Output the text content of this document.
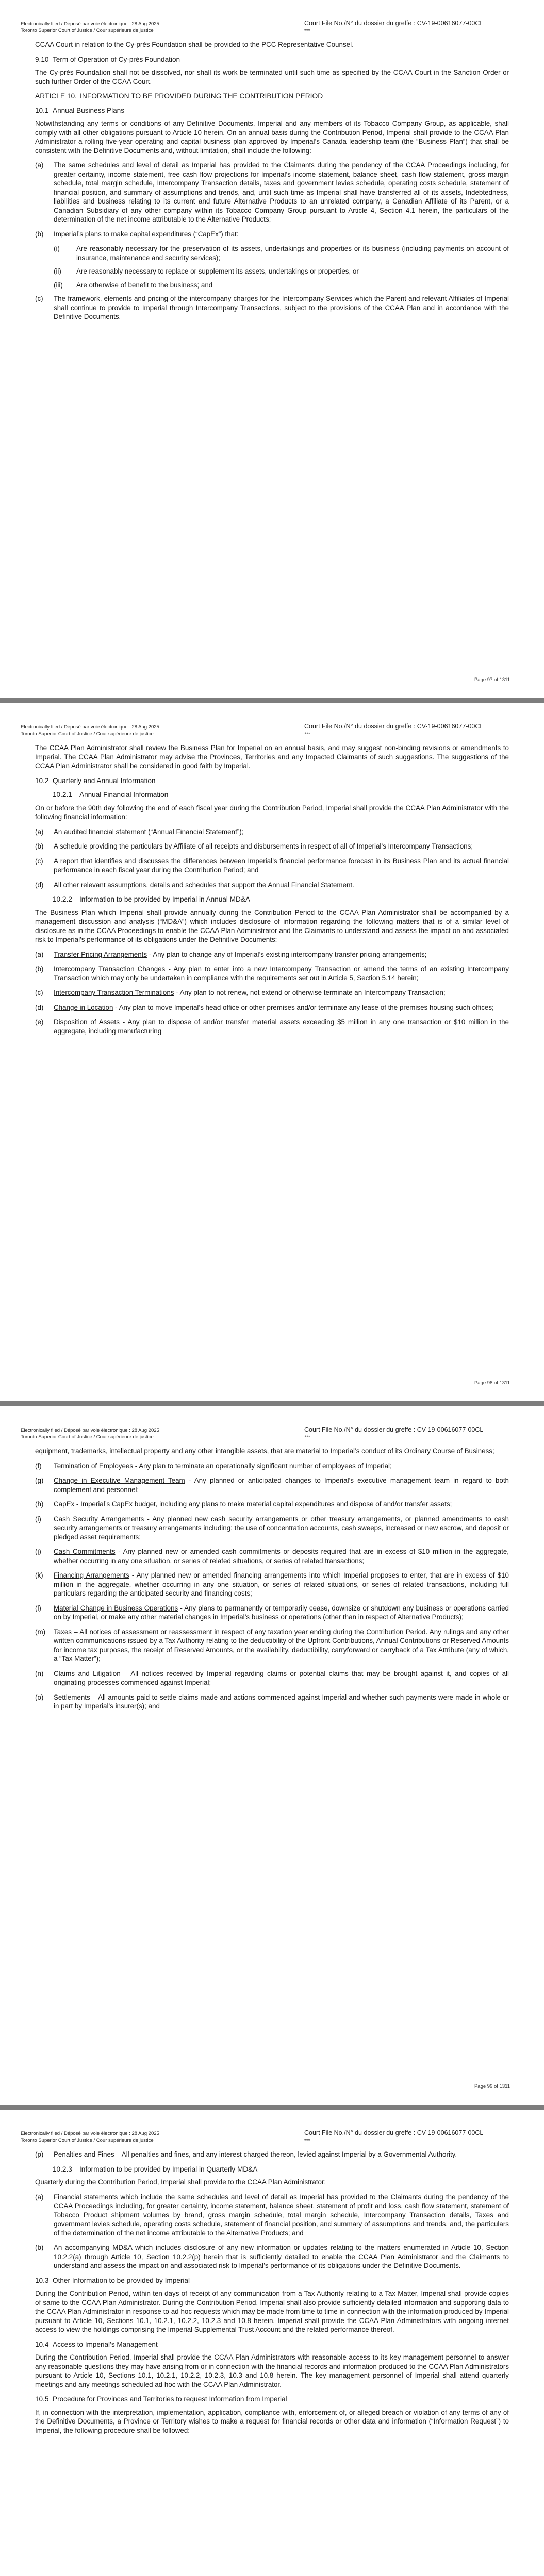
Electronically filed / Déposé par voie électronique : 28 Aug 2025
Toronto Superior Court of Justice / Cour supérieure de justice
Court File No./N° du dossier du greffe : CV-19-00616077-00CL
***

CCAA Court in relation to the Cy-près Foundation shall be provided to the PCC Representative Counsel.

9.10 Term of Operation of Cy-près Foundation

The Cy-près Foundation shall not be dissolved, nor shall its work be terminated until such time as specified by the CCAA Court in the Sanction Order or such further Order of the CCAA Court.

ARTICLE 10. INFORMATION TO BE PROVIDED DURING THE CONTRIBUTION PERIOD
10.1 Annual Business Plans

Notwithstanding any terms or conditions of any Definitive Documents, Imperial and any members of its Tobacco Company Group, as applicable, shall comply with all other obligations pursuant to Article 10 herein. On an annual basis during the Contribution Period, Imperial shall provide to the CCAA Plan Administrator a rolling five-year operating and capital business plan approved by Imperial’s Canada leadership team (the “Business Plan”) that shall be consistent with the Definitive Documents and, without limitation, shall include the following:

(a)	The same schedules and level of detail as Imperial has provided to the Claimants during the pendency of the CCAA Proceedings including, for greater certainty, income statement, free cash flow projections for Imperial’s income statement, balance sheet, cash flow statement, gross margin schedule, total margin schedule, Intercompany Transaction details, taxes and government levies schedule, operating costs schedule, statement of financial position, and summary of assumptions and trends, and, until such time as Imperial shall have transferred all of its assets, Indebtedness, liabilities and business relating to its current and future Alternative Products to an unrelated company, a Canadian Affiliate of its Parent, or a Canadian Subsidiary of any other company within its Tobacco Company Group pursuant to Article 4, Section 4.1 herein, the particulars of the determination of the net income attributable to the Alternative Products;
(b)	Imperial’s plans to make capital expenditures (“CapEx”) that:
(i)	Are reasonably necessary for the preservation of its assets, undertakings and properties or its business (including payments on account of insurance, maintenance and security services);
(ii)	Are reasonably necessary to replace or supplement its assets, undertakings or properties, or
(iii)	Are otherwise of benefit to the business; and
(c)	The framework, elements and pricing of the intercompany charges for the Intercompany Services which the Parent and relevant Affiliates of Imperial shall continue to provide to Imperial through Intercompany Transactions, subject to the provisions of the CCAA Plan and in accordance with the Definitive Documents.
Page 97 of 1311
Electronically filed / Déposé par voie électronique : 28 Aug 2025
Toronto Superior Court of Justice / Cour supérieure de justice
Court File No./N° du dossier du greffe : CV-19-00616077-00CL
***

The CCAA Plan Administrator shall review the Business Plan for Imperial on an annual basis, and may suggest non-binding revisions or amendments to Imperial. The CCAA Plan Administrator may advise the Provinces, Territories and any Impacted Claimants of such suggestions. The suggestions of the CCAA Plan Administrator shall be considered in good faith by Imperial.

10.2 Quarterly and Annual Information
10.2.1 Annual Financial Information

On or before the 90th day following the end of each fiscal year during the Contribution Period, Imperial shall provide the CCAA Plan Administrator with the following financial information:

(a)	An audited financial statement (“Annual Financial Statement”);
(b)	A schedule providing the particulars by Affiliate of all receipts and disbursements in respect of all of Imperial’s Intercompany Transactions;
(c)	A report that identifies and discusses the differences between Imperial’s financial performance forecast in its Business Plan and its actual financial performance in each fiscal year during the Contribution Period; and
(d)	All other relevant assumptions, details and schedules that support the Annual Financial Statement.
10.2.2 Information to be provided by Imperial in Annual MD&A

The Business Plan which Imperial shall provide annually during the Contribution Period to the CCAA Plan Administrator shall be accompanied by a management discussion and analysis (“MD&A”) which includes disclosure of information regarding the following matters that is of a similar level of disclosure as in the CCAA Proceedings to enable the CCAA Plan Administrator and the Claimants to understand and assess the impact on and associated risk to Imperial’s performance of its obligations under the Definitive Documents:

(a)	Transfer Pricing Arrangements - Any plan to change any of Imperial’s existing intercompany transfer pricing arrangements;
(b)	Intercompany Transaction Changes - Any plan to enter into a new Intercompany Transaction or amend the terms of an existing Intercompany Transaction which may only be undertaken in compliance with the requirements set out in Article 5, Section 5.14 herein;
(c)	Intercompany Transaction Terminations - Any plan to not renew, not extend or otherwise terminate an Intercompany Transaction;
(d)	Change in Location - Any plan to move Imperial’s head office or other premises and/or terminate any lease of the premises housing such offices;
(e)	Disposition of Assets - Any plan to dispose of and/or transfer material assets exceeding $5 million in any one transaction or $10 million in the aggregate, including manufacturing
Page 98 of 1311
Electronically filed / Déposé par voie électronique : 28 Aug 2025
Toronto Superior Court of Justice / Cour supérieure de justice
Court File No./N° du dossier du greffe : CV-19-00616077-00CL
***

equipment, trademarks, intellectual property and any other intangible assets, that are material to Imperial’s conduct of its Ordinary Course of Business;

(f)	Termination of Employees - Any plan to terminate an operationally significant number of employees of Imperial;
(g)	Change in Executive Management Team - Any planned or anticipated changes to Imperial’s executive management team in regard to both complement and personnel;
(h)	CapEx - Imperial’s CapEx budget, including any plans to make material capital expenditures and dispose of and/or transfer assets;
(i)	Cash Security Arrangements - Any planned new cash security arrangements or other treasury arrangements, or planned amendments to cash security arrangements or treasury arrangements including: the use of concentration accounts, cash sweeps, increased or new escrow, and deposit or pledged asset requirements;
(j)	Cash Commitments - Any planned new or amended cash commitments or deposits required that are in excess of $10 million in the aggregate, whether occurring in any one situation, or series of related situations, or series of related transactions;
(k)	Financing Arrangements - Any planned new or amended financing arrangements into which Imperial proposes to enter, that are in excess of $10 million in the aggregate, whether occurring in any one situation, or series of related situations, or series of related transactions, including full particulars regarding the anticipated security and financing costs;
(l)	Material Change in Business Operations - Any plans to permanently or temporarily cease, downsize or shutdown any business or operations carried on by Imperial, or make any other material changes in Imperial’s business or operations (other than in respect of Alternative Products);
(m)	Taxes – All notices of assessment or reassessment in respect of any taxation year ending during the Contribution Period. Any rulings and any other written communications issued by a Tax Authority relating to the deductibility of the Upfront Contributions, Annual Contributions or Reserved Amounts for income tax purposes, the receipt of Reserved Amounts, or the availability, deductibility, carryforward or carryback of a Tax Attribute (any of which, a “Tax Matter”);
(n)	Claims and Litigation – All notices received by Imperial regarding claims or potential claims that may be brought against it, and copies of all originating processes commenced against Imperial;
(o)	Settlements – All amounts paid to settle claims made and actions commenced against Imperial and whether such payments were made in whole or in part by Imperial’s insurer(s); and
Page 99 of 1311
Electronically filed / Déposé par voie électronique : 28 Aug 2025
Toronto Superior Court of Justice / Cour supérieure de justice
Court File No./N° du dossier du greffe : CV-19-00616077-00CL
***
(p)	Penalties and Fines – All penalties and fines, and any interest charged thereon, levied against Imperial by a Governmental Authority.
10.2.3 Information to be provided by Imperial in Quarterly MD&A

Quarterly during the Contribution Period, Imperial shall provide to the CCAA Plan Administrator:

(a)	Financial statements which include the same schedules and level of detail as Imperial has provided to the Claimants during the pendency of the CCAA Proceedings including, for greater certainty, income statement, balance sheet, statement of profit and loss, cash flow statement, statement of Tobacco Product shipment volumes by brand, gross margin schedule, total margin schedule, Intercompany Transaction details, Taxes and government levies schedule, operating costs schedule, statement of financial position, and summary of assumptions and trends, and, the particulars of the determination of the net income attributable to the Alternative Products; and
(b)	An accompanying MD&A which includes disclosure of any new information or updates relating to the matters enumerated in Article 10, Section 10.2.2(a) through Article 10, Section 10.2.2(p) herein that is sufficiently detailed to enable the CCAA Plan Administrator and the Claimants to understand and assess the impact on and associated risk to Imperial’s performance of its obligations under the Definitive Documents.
10.3 Other Information to be provided by Imperial

During the Contribution Period, within ten days of receipt of any communication from a Tax Authority relating to a Tax Matter, Imperial shall provide copies of same to the CCAA Plan Administrator. During the Contribution Period, Imperial shall also provide sufficiently detailed information and supporting data to the CCAA Plan Administrator in response to ad hoc requests which may be made from time to time in connection with the information produced by Imperial pursuant to Article 10, Sections 10.1, 10.2.1, 10.2.2, 10.2.3 and 10.8 herein. Imperial shall provide the CCAA Plan Administrators with ongoing internet access to view the holdings comprising the Imperial Supplemental Trust Account and the related performance thereof.

10.4 Access to Imperial’s Management

During the Contribution Period, Imperial shall provide the CCAA Plan Administrators with reasonable access to its key management personnel to answer any reasonable questions they may have arising from or in connection with the financial records and information produced to the CCAA Plan Administrators pursuant to Article 10, Sections 10.1, 10.2.1, 10.2.2, 10.2.3, 10.3 and 10.8 herein. The key management personnel of Imperial shall attend quarterly meetings and any meetings scheduled ad hoc with the CCAA Plan Administrator.

10.5 Procedure for Provinces and Territories to request Information from Imperial

If, in connection with the interpretation, implementation, application, compliance with, enforcement of, or alleged breach or violation of any terms of any of the Definitive Documents, a Province or Territory wishes to make a request for financial records or other data and information (“Information Request”) to Imperial, the following procedure shall be followed:
